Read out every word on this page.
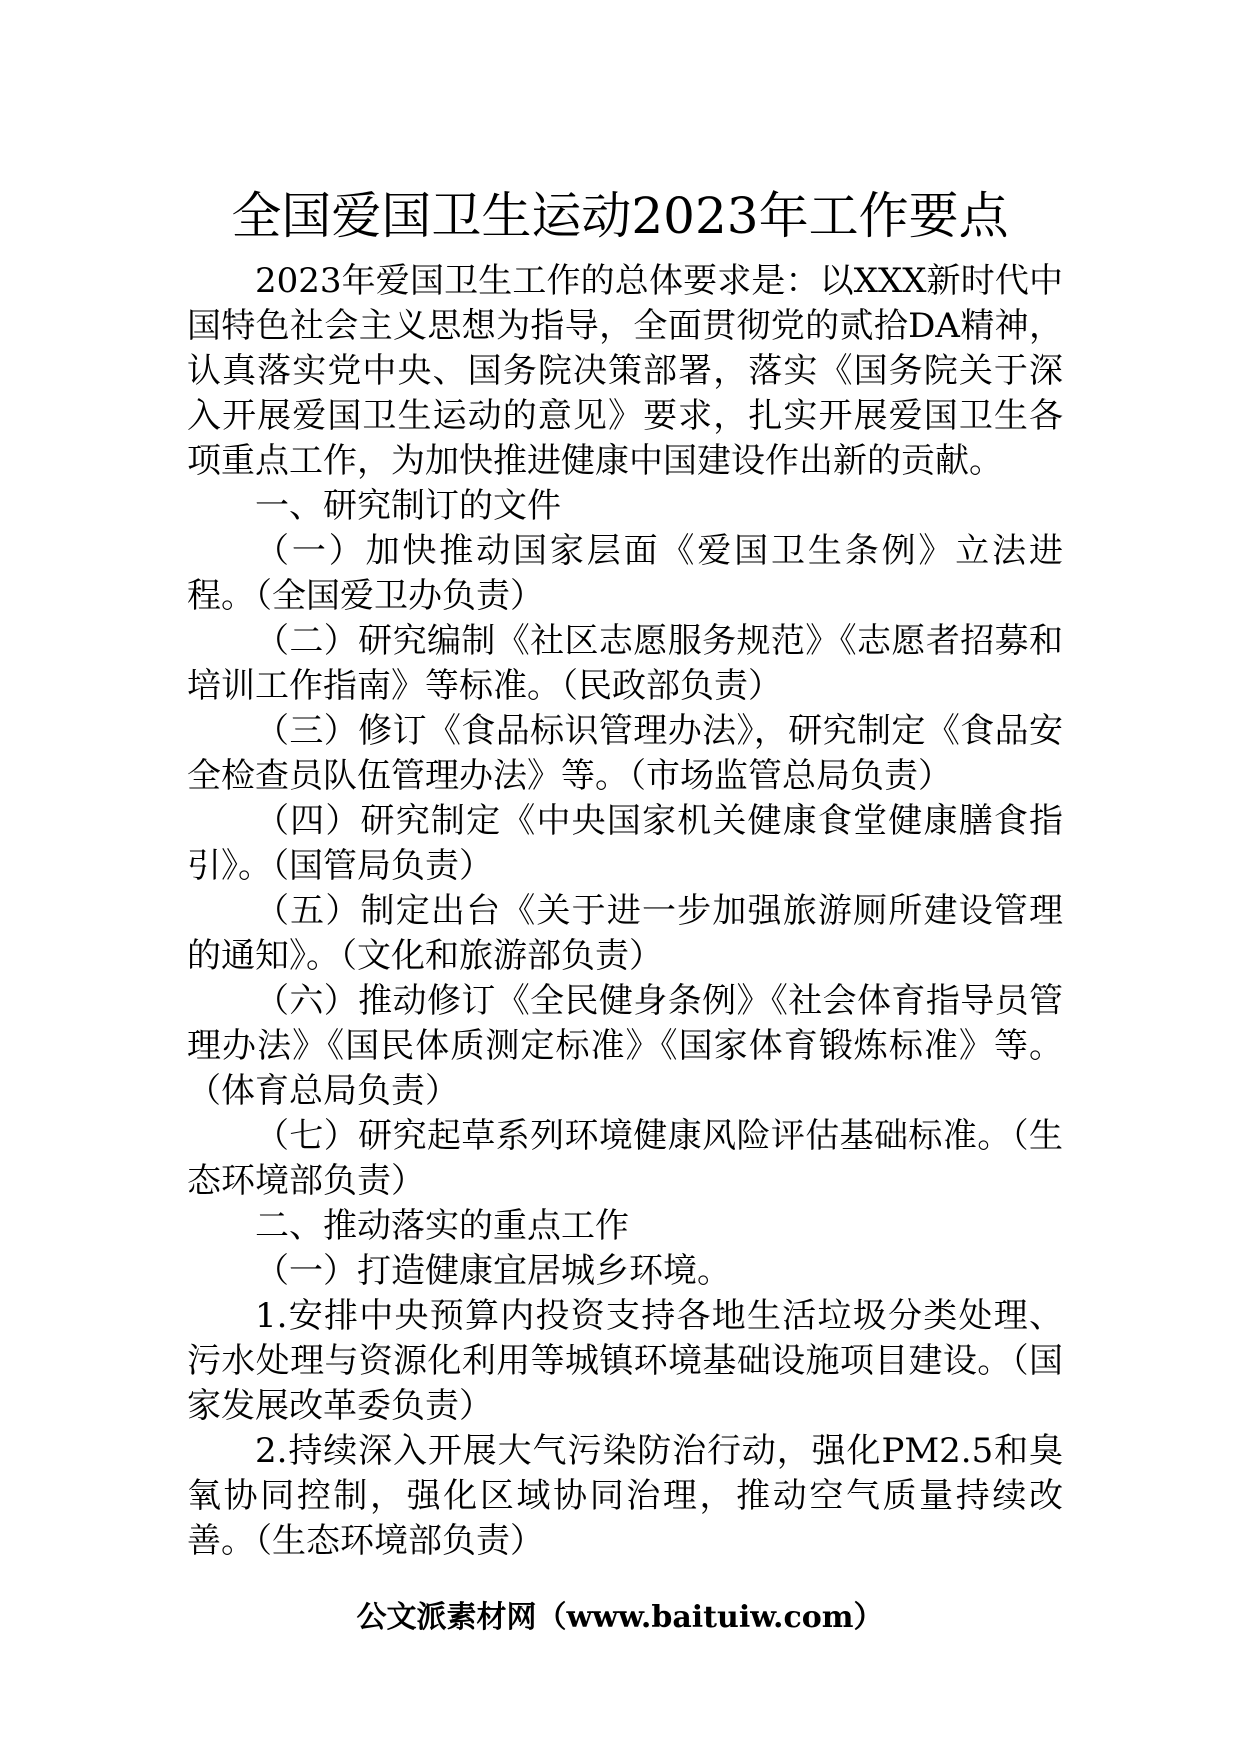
全国爱国卫生运动2023年工作要点

2023年爱国卫生工作的总体要求是：以XXX新时代中国特色社会主义思想为指导，全面贯彻党的贰拾DA精神，认真落实党中央、国务院决策部署，落实《国务院关于深入开展爱国卫生运动的意见》要求，扎实开展爱国卫生各项重点工作，为加快推进健康中国建设作出新的贡献。

一、研究制订的文件

（一）加快推动国家层面《爱国卫生条例》立法进程。（全国爱卫办负责）

（二）研究编制《社区志愿服务规范》《志愿者招募和培训工作指南》等标准。（民政部负责）

（三）修订《食品标识管理办法》，研究制定《食品安全检查员队伍管理办法》等。（市场监管总局负责）

（四）研究制定《中央国家机关健康食堂健康膳食指引》。（国管局负责）

（五）制定出台《关于进一步加强旅游厕所建设管理的通知》。（文化和旅游部负责）

（六）推动修订《全民健身条例》《社会体育指导员管理办法》《国民体质测定标准》《国家体育锻炼标准》等。（体育总局负责）

（七）研究起草系列环境健康风险评估基础标准。（生态环境部负责）

二、推动落实的重点工作

（一）打造健康宜居城乡环境。

1.安排中央预算内投资支持各地生活垃圾分类处理、污水处理与资源化利用等城镇环境基础设施项目建设。（国家发展改革委负责）

2.持续深入开展大气污染防治行动，强化PM2.5和臭氧协同控制，强化区域协同治理，推动空气质量持续改善。（生态环境部负责）

公文派素材网（www.baituiw.com）
